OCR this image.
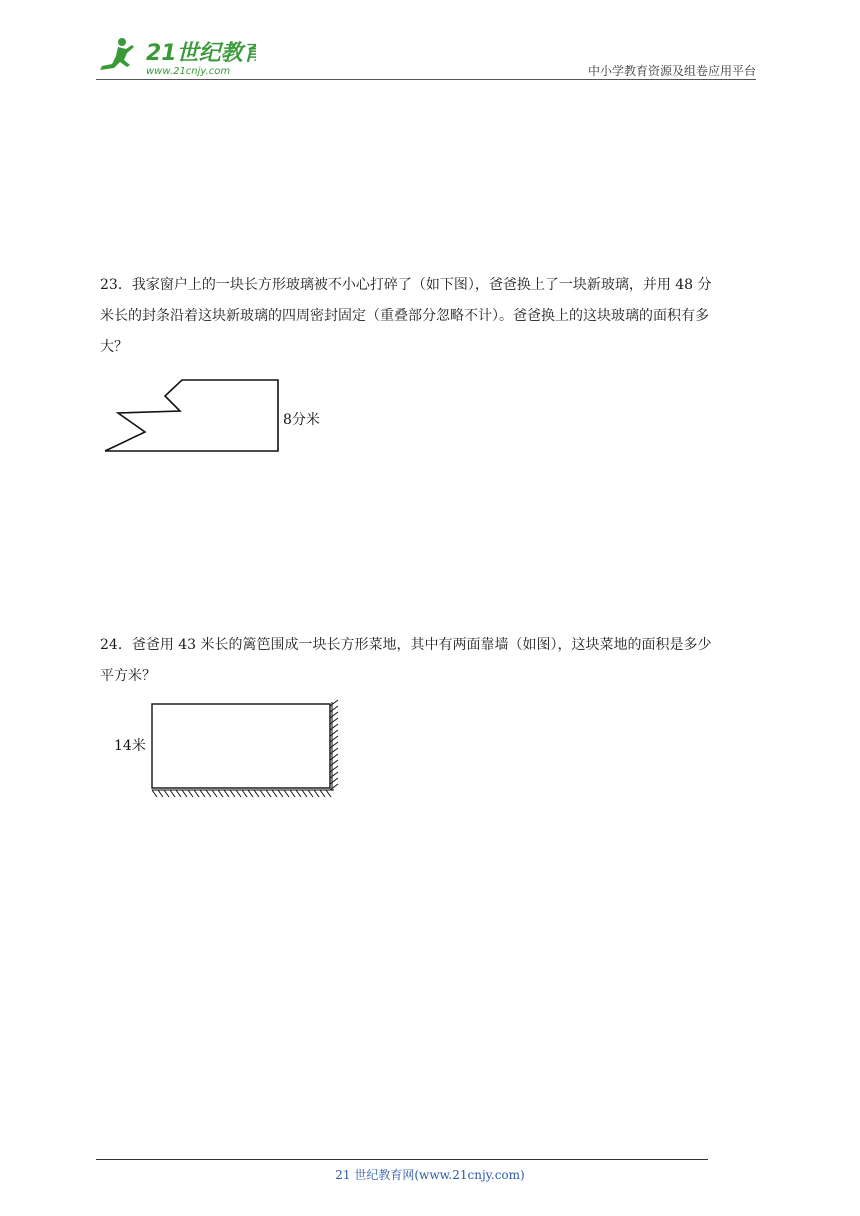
21世纪教育
www.21cnjy.com	中小学教育资源及组卷应用平台

23．我家窗户上的一块长方形玻璃被不小心打碎了（如下图），爸爸换上了一块新玻璃，并用 48 分

米长的封条沿着这块新玻璃的四周密封固定（重叠部分忽略不计）。爸爸换上的这块玻璃的面积有多

大？

8分米

24．爸爸用 43 米长的篱笆围成一块长方形菜地，其中有两面靠墙（如图），这块菜地的面积是多少

平方米？

14米
21 世纪教育网(www.21cnjy.com)
